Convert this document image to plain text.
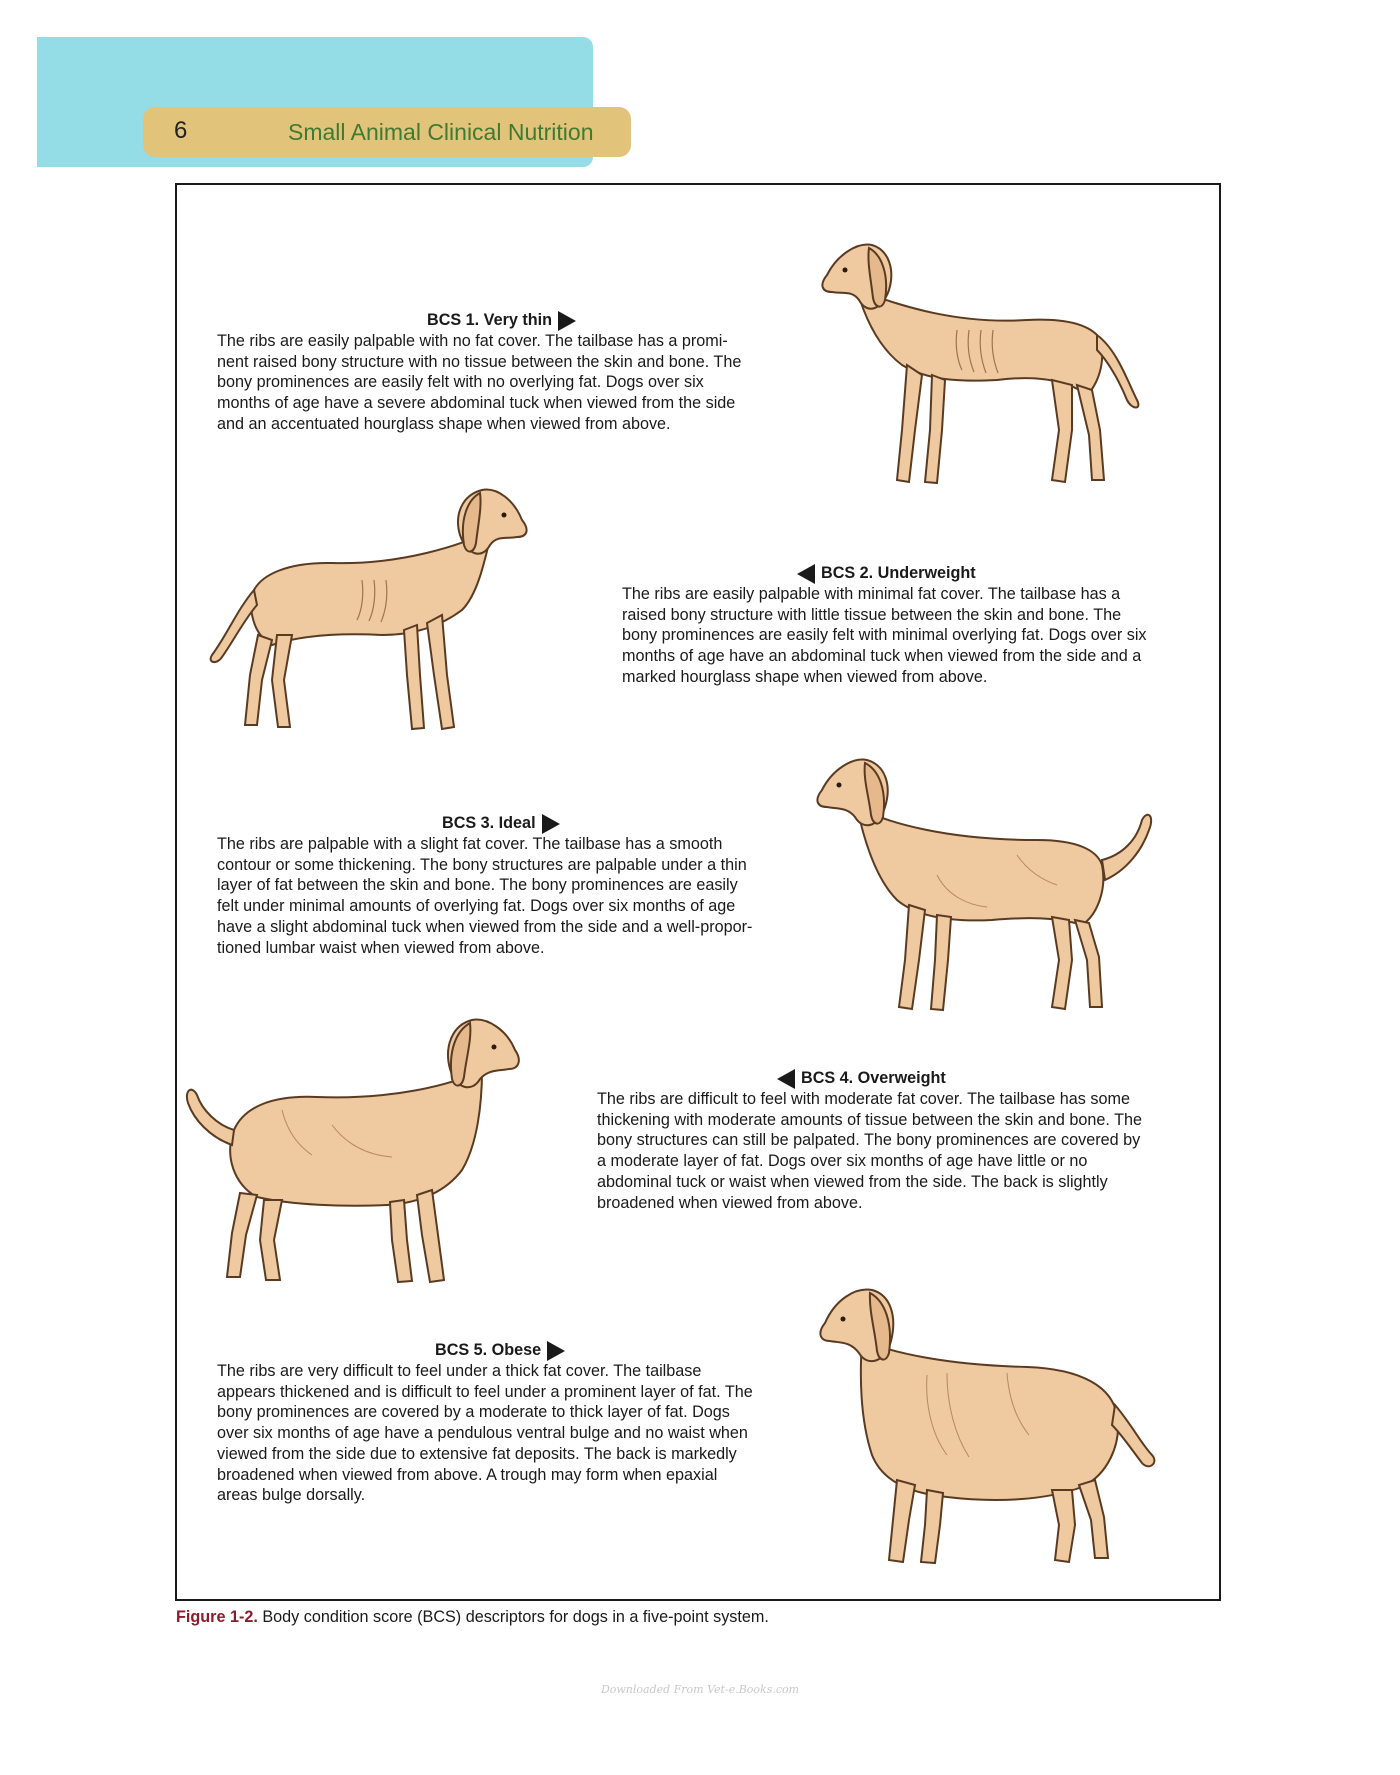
6	Small Animal Clinical Nutrition
BCS 1. Very thin

The ribs are easily palpable with no fat cover. The tailbase has a promi-
nent raised bony structure with no tissue between the skin and bone. The
bony prominences are easily felt with no overlying fat. Dogs over six
months of age have a severe abdominal tuck when viewed from the side
and an accentuated hourglass shape when viewed from above.

BCS 2. Underweight

The ribs are easily palpable with minimal fat cover. The tailbase has a
raised bony structure with little tissue between the skin and bone. The
bony prominences are easily felt with minimal overlying fat. Dogs over six
months of age have an abdominal tuck when viewed from the side and a
marked hourglass shape when viewed from above.

BCS 3. Ideal

The ribs are palpable with a slight fat cover. The tailbase has a smooth
contour or some thickening. The bony structures are palpable under a thin
layer of fat between the skin and bone. The bony prominences are easily
felt under minimal amounts of overlying fat. Dogs over six months of age
have a slight abdominal tuck when viewed from the side and a well-propor-
tioned lumbar waist when viewed from above.

BCS 4. Overweight

The ribs are difficult to feel with moderate fat cover. The tailbase has some
thickening with moderate amounts of tissue between the skin and bone. The
bony structures can still be palpated. The bony prominences are covered by
a moderate layer of fat. Dogs over six months of age have little or no
abdominal tuck or waist when viewed from the side. The back is slightly
broadened when viewed from above.

BCS 5. Obese

The ribs are very difficult to feel under a thick fat cover. The tailbase
appears thickened and is difficult to feel under a prominent layer of fat. The
bony prominences are covered by a moderate to thick layer of fat. Dogs
over six months of age have a pendulous ventral bulge and no waist when
viewed from the side due to extensive fat deposits. The back is markedly
broadened when viewed from above. A trough may form when epaxial
areas bulge dorsally.

Figure 1-2. Body condition score (BCS) descriptors for dogs in a five-point system.
Downloaded From Vet-e.Books.com
